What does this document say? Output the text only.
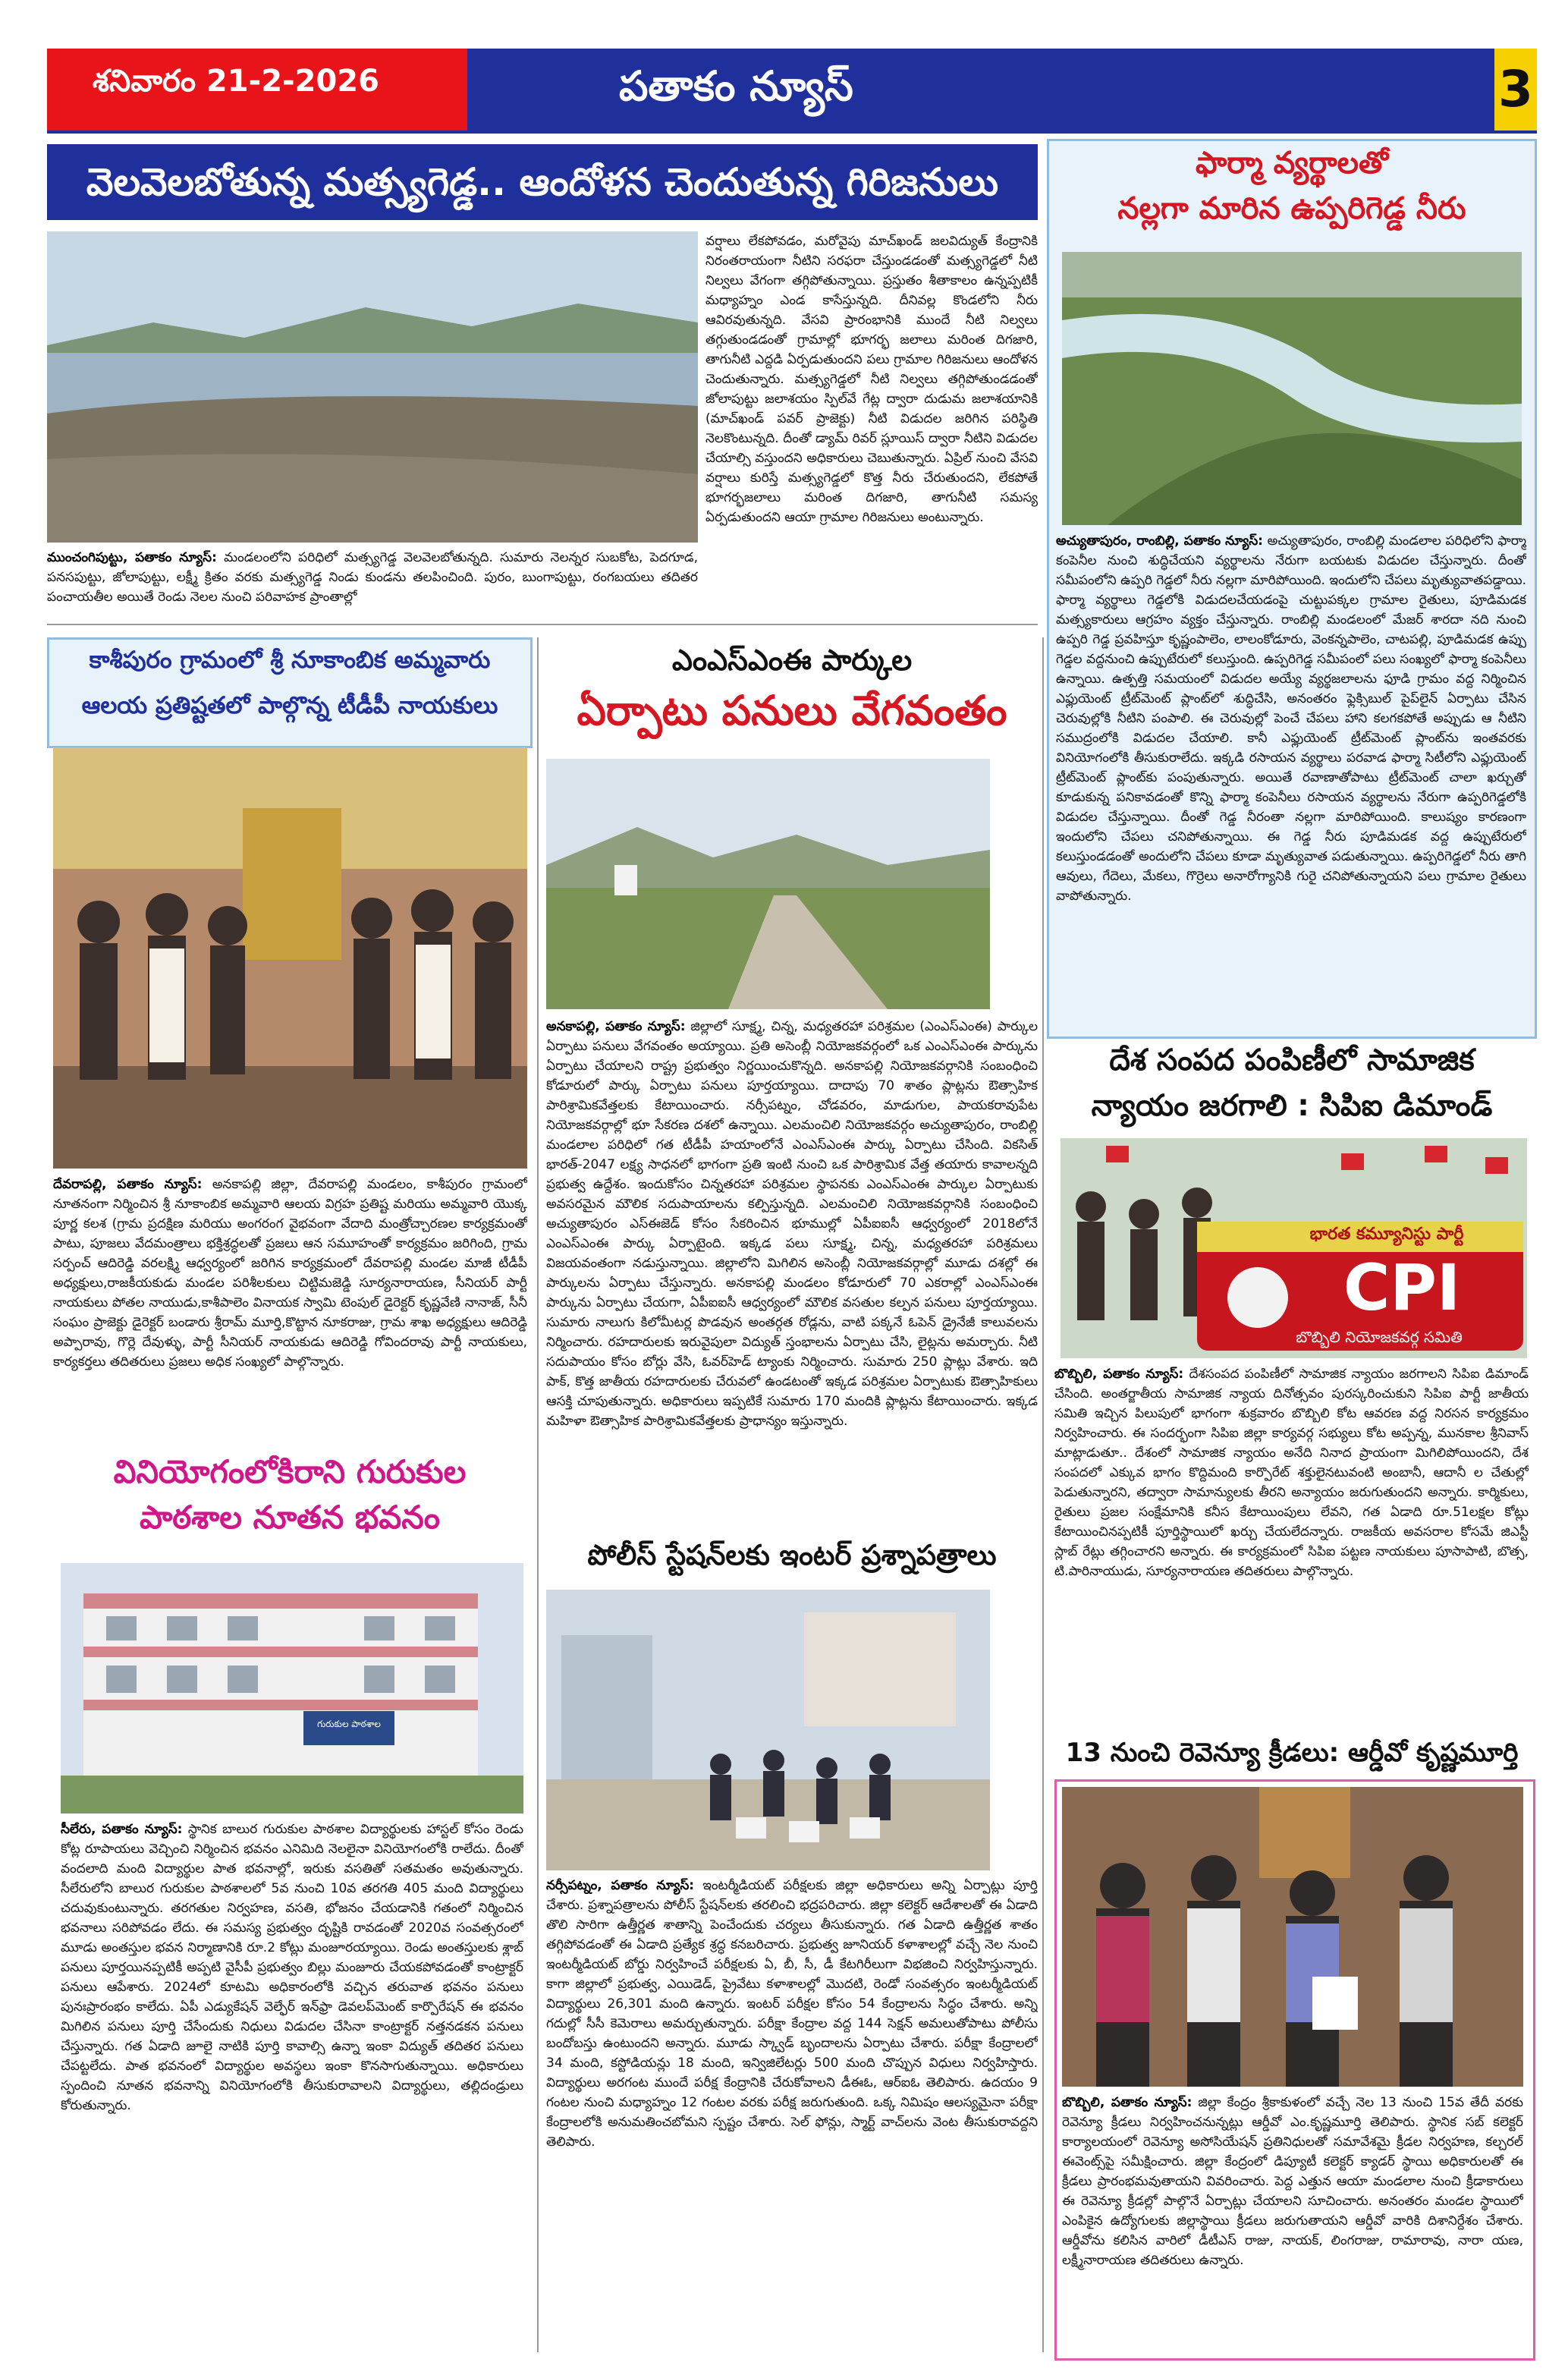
శనివారం 21-2-2026	పతాకం న్యూస్	3
వెలవెలబోతున్న మత్స్యగెడ్డ.. ఆందోళన చెందుతున్న గిరిజనులు
ముంచంగిపుట్టు, పతాకం న్యూస్: మండలంలోని పరిధిలో మత్స్యగెడ్డ వెలవెలబోతున్నది. సుమారు నెలన్నర సుబకోట, పెదగూడ, పనసపుట్టు, జోలాపుట్టు, లక్ష్మీ క్రితం వరకు మత్స్యగెడ్డ నిండు కుండను తలపించింది. పురం, బుంగాపుట్టు, రంగబయలు తదితర పంచాయతీల అయితే రెండు నెలల నుంచి పరివాహక ప్రాంతాల్లో
వర్షాలు లేకపోవడం, మరోవైపు మాచ్‌ఖండ్ జలవిద్యుత్ కేంద్రానికి నిరంతరాయంగా నీటిని సరఫరా చేస్తుండడంతో మత్స్యగెడ్డలో నీటి నిల్వలు వేగంగా తగ్గిపోతున్నాయి. ప్రస్తుతం శీతాకాలం ఉన్నప్పటికీ మధ్యాహ్నం ఎండ కాసేస్తున్నది. దీనివల్ల కొండలోని నీరు ఆవిరవుతున్నది. వేసవి ప్రారంభానికి ముందే నీటి నిల్వలు తగ్గుతుండడంతో గ్రామాల్లో భూగర్భ జలాలు మరింత దిగజారి, తాగునీటి ఎద్దడి ఏర్పడుతుందని పలు గ్రామాల గిరిజనులు ఆందోళన చెందుతున్నారు. మత్స్యగెడ్డలో నీటి నిల్వలు తగ్గిపోతుండడంతో జోలాపుట్టు జలాశయం స్పిల్‌వే గేట్ల ద్వారా దుడుమ జలాశయానికి (మాచ్‌ఖండ్ పవర్ ప్రాజెక్టు) నీటి విడుదల జరిగిన పరిస్థితి నెలకొంటున్నది. దీంతో డ్యామ్ రివర్ స్లూయిస్ ద్వారా నీటిని విడుదల చేయాల్సి వస్తుందని అధికారులు చెబుతున్నారు. ఏప్రిల్ నుంచి వేసవి వర్షాలు కురిస్తే మత్స్యగెడ్డలో కొత్త నీరు చేరుతుందని, లేకపోతే భూగర్భజలాలు మరింత దిగజారి, తాగునీటి సమస్య ఏర్పడుతుందని ఆయా గ్రామాల గిరిజనులు అంటున్నారు.
ఫార్మా వ్యర్థాలతో
నల్లగా మారిన ఉప్పరిగెడ్డ నీరు
అచ్యుతాపురం, రాంబిల్లి, పతాకం న్యూస్: అచ్యుతాపురం, రాంబిల్లి మండలాల పరిధిలోని ఫార్మా కంపెనీల నుంచి శుద్ధిచేయని వ్యర్థాలను నేరుగా బయటకు విడుదల చేస్తున్నారు. దీంతో సమీపంలోని ఉప్పరి గెడ్డలో నీరు నల్లగా మారిపోయింది. ఇందులోని చేపలు మృత్యువాతపడ్డాయి. ఫార్మా వ్యర్థాలు గెడ్డలోకి విడుదలచేయడంపై చుట్టుపక్కల గ్రామాల రైతులు, పూడిమడక మత్స్యకారులు ఆగ్రహం వ్యక్తం చేస్తున్నారు. రాంబిల్లి మండలంలో మేజర్ శారదా నది నుంచి ఉప్పరి గెడ్డ ప్రవహిస్తూ కృష్ణంపాలెం, లాలంకోడూరు, వెంకన్నపాలెం, చాటపల్లి, పూడిమడక ఉప్పు గెడ్డల వద్దనుంచి ఉప్పుటేరులో కలుస్తుంది. ఉప్పరిగెడ్డ సమీపంలో పలు సంఖ్యలో ఫార్మా కంపెనీలు ఉన్నాయి. ఉత్పత్తి సమయంలో విడుదల అయ్యే వ్యర్థజలాలను ఫూడి గ్రామం వద్ద నిర్మించిన ఎఫ్లుయెంట్ ట్రీట్‌మెంట్ ప్లాంట్‌లో శుద్ధిచేసి, అనంతరం ఫ్లెక్సిబుల్ పైప్‌లైన్ ఏర్పాటు చేసిన చెరువుల్లోకి నీటిని పంపాలి. ఈ చెరువుల్లో పెంచే చేపలు హాని కలగకపోతే అప్పుడు ఆ నీటిని సముద్రంలోకి విడుదల చేయాలి. కానీ ఎఫ్లుయెంట్ ట్రీట్‌మెంట్ ప్లాంట్‌ను ఇంతవరకు వినియోగంలోకి తీసుకురాలేదు. ఇక్కడి రసాయన వ్యర్థాలు పరవాడ ఫార్మా సిటీలోని ఎఫ్లుయెంట్ ట్రీట్‌మెంట్ ప్లాంట్‌కు పంపుతున్నారు. అయితే రవాణాతోపాటు ట్రీట్‌మెంట్ చాలా ఖర్చుతో కూడుకున్న పనికావడంతో కొన్ని ఫార్మా కంపెనీలు రసాయన వ్యర్థాలను నేరుగా ఉప్పరిగెడ్డలోకి విడుదల చేస్తున్నాయి. దీంతో గెడ్డ నీరంతా నల్లగా మారిపోయింది. కాలుష్యం కారణంగా ఇందులోని చేపలు చనిపోతున్నాయి. ఈ గెడ్డ నీరు పూడిమడక వద్ద ఉప్పుటేరులో కలుస్తుండడంతో అందులోని చేపలు కూడా మృత్యువాత పడుతున్నాయి. ఉప్పరిగెడ్డలో నీరు తాగి ఆవులు, గేదెలు, మేకలు, గొర్రెలు అనారోగ్యానికి గురై చనిపోతున్నాయని పలు గ్రామాల రైతులు వాపోతున్నారు.
కాశీపురం గ్రామంలో శ్రీ నూకాంబిక అమ్మవారు
ఆలయ ప్రతిష్టతలో పాల్గొన్న టీడీపీ నాయకులు
దేవరాపల్లి, పతాకం న్యూస్: అనకాపల్లి జిల్లా, దేవరాపల్లి మండలం, కాశీపురం గ్రామంలో నూతనంగా నిర్మించిన శ్రీ నూకాంబిక అమ్మవారి ఆలయ విగ్రహ ప్రతిష్ట మరియు అమ్మవారి యొక్క పూర్ణ కలశ (గ్రామ ప్రదక్షిణ మరియు అంగరంగ వైభవంగా వేదాది మంత్రోచ్చారణల కార్యక్రమంతో పాటు, పూజలు వేదమంత్రాలు భక్తిశ్రద్ధలతో ప్రజలు ఆన సమూహంతో కార్యక్రమం జరిగింది, గ్రామ సర్పంచ్ ఆదిరెడ్డి వరలక్ష్మి ఆధ్వర్యంలో జరిగిన కార్యక్రమంలో దేవరాపల్లి మండల మాజీ టీడీపీ అధ్యక్షులు,రాజకీయకుడు మండల పరిశీలకులు చిట్టిమజెడ్డి సూర్యనారాయణ, సీనియర్ పార్టీ నాయకులు పోతల నాయుడు,కాశీపాలెం వినాయక స్వామి టెంపుల్ డైరెక్టర్ కృష్ణవేణి నానాజ్, సీనీ సంఘం ప్రాజెక్టు డైరెక్టర్ బండారు శ్రీరామ్ మూర్తి,కొట్టాన నూకరాజు, గ్రామ శాఖ అధ్యక్షులు ఆదిరెడ్డి అప్పారావు, గొర్లె దేవుళ్ళు, పార్టీ సీనియర్ నాయకుడు ఆదిరెడ్డి గోవిందరావు పార్టీ నాయకులు, కార్యకర్తలు తదితరులు ప్రజలు అధిక సంఖ్యలో పాల్గొన్నారు.
వినియోగంలోకిరాని గురుకుల
పాఠశాల నూతన భవనం
గురుకుల పాఠశాల
సీలేరు, పతాకం న్యూస్: స్థానిక బాలుర గురుకుల పాఠశాల విద్యార్థులకు హాస్టల్ కోసం రెండు కోట్ల రూపాయలు వెచ్చించి నిర్మించిన భవనం ఎనిమిది నెలలైనా వినియోగంలోకి రాలేదు. దీంతో వందలాది మంది విద్యార్థుల పాత భవనాల్లో, ఇరుకు వసతితో సతమతం అవుతున్నారు. సీలేరులోని బాలుర గురుకుల పాఠశాలలో 5వ నుంచి 10వ తరగతి 405 మంది విద్యార్థులు చదువుకుంటున్నారు. తరగతుల నిర్వహణ, వసతి, భోజనం చేయడానికి గతంలో నిర్మించిన భవనాలు సరిపోవడం లేదు. ఈ సమస్య ప్రభుత్వం దృష్టికి రావడంతో 2020వ సంవత్సరంలో మూడు అంతస్తుల భవన నిర్మాణానికి రూ.2 కోట్లు మంజూరయ్యాయి. రెండు అంతస్తులకు శ్లాబ్ పనులు పూర్తయినప్పటికీ అప్పటి వైసీపీ ప్రభుత్వం బిల్లు మంజూరు చేయకపోవడంతో కాంట్రాక్టర్ పనులు ఆపేశారు. 2024లో కూటమి అధికారంలోకి వచ్చిన తరువాత భవనం పనులు పునఃప్రారంభం కాలేదు. ఏపీ ఎడ్యుకేషన్ వెల్ఫేర్ ఇన్‌ఫ్రా డెవలప్‌మెంట్ కార్పొరేషన్ ఈ భవనం మిగిలిన పనులు పూర్తి చేసేందుకు నిధులు విడుదల చేసినా కాంట్రాక్టర్ నత్తనడకన పనులు చేస్తున్నారు. గత ఏడాది జూలై నాటికి పూర్తి కావాల్సి ఉన్నా ఇంకా విద్యుత్ తదితర పనులు చేపట్టలేదు. పాత భవనంలో విద్యార్థుల అవస్థలు ఇంకా కొనసాగుతున్నాయి. అధికారులు స్పందించి నూతన భవనాన్ని వినియోగంలోకి తీసుకురావాలని విద్యార్థులు, తల్లిదండ్రులు కోరుతున్నారు.
ఎంఎస్ఎంఈ పార్కుల
ఏర్పాటు పనులు వేగవంతం
అనకాపల్లి, పతాకం న్యూస్: జిల్లాలో సూక్ష్మ, చిన్న, మధ్యతరహా పరిశ్రమల (ఎంఎస్ఎంఈ) పార్కుల ఏర్పాటు పనులు వేగవంతం అయ్యాయి. ప్రతి అసెంబ్లీ నియోజకవర్గంలో ఒక ఎంఎస్ఎంఈ పార్కును ఏర్పాటు చేయాలని రాష్ట్ర ప్రభుత్వం నిర్ణయించుకొన్నది. అనకాపల్లి నియోజకవర్గానికి సంబంధించి కోడూరులో పార్కు ఏర్పాటు పనులు పూర్తయ్యాయి. దాదాపు 70 శాతం ప్లాట్లను ఔత్సాహిక పారిశ్రామికవేత్తలకు కేటాయించారు. నర్సీపట్నం, చోడవరం, మాడుగుల, పాయకరావుపేట నియోజకవర్గాల్లో భూ సేకరణ దశలో ఉన్నాయి. ఎలమంచిలి నియోజకవర్గం అచ్యుతాపురం, రాంబిల్లి మండలాల పరిధిలో గత టీడీపీ హయాంలోనే ఎంఎస్ఎంఈ పార్కు ఏర్పాటు చేసింది. వికసిత్ భారత్-2047 లక్ష్య సాధనలో భాగంగా ప్రతి ఇంటి నుంచి ఒక పారిశ్రామిక వేత్త తయారు కావాలన్నది ప్రభుత్వ ఉద్దేశం. ఇందుకోసం చిన్నతరహా పరిశ్రమల స్థాపనకు ఎంఎస్ఎంఈ పార్కుల ఏర్పాటుకు అవసరమైన మౌలిక సదుపాయాలను కల్పిస్తున్నది. ఎలమంచిలి నియోజకవర్గానికి సంబంధించి అచ్యుతాపురం ఎస్ఈజెడ్ కోసం సేకరించిన భూముల్లో ఏపీఐఐసీ ఆధ్వర్యంలో 2018లోనే ఎంఎస్ఎంఈ పార్కు ఏర్పాటైంది. ఇక్కడ పలు సూక్ష్మ, చిన్న, మధ్యతరహా పరిశ్రమలు విజయవంతంగా నడుస్తున్నాయి. జిల్లాలోని మిగిలిన అసెంబ్లీ నియోజకవర్గాల్లో మూడు దశల్లో ఈ పార్కులను ఏర్పాటు చేస్తున్నారు. అనకాపల్లి మండలం కోడూరులో 70 ఎకరాల్లో ఎంఎస్ఎంఈ పార్కును ఏర్పాటు చేయగా, ఏపీఐఐసీ ఆధ్వర్యంలో మౌలిక వసతుల కల్పన పనులు పూర్తయ్యాయి. సుమారు నాలుగు కిలోమీటర్ల పొడవున అంతర్గత రోడ్లను, వాటి పక్కనే ఓపెన్ డ్రైనేజీ కాలువలను నిర్మించారు. రహదారులకు ఇరువైపులా విద్యుత్ స్తంభాలను ఏర్పాటు చేసి, లైట్లను అమర్చారు. నీటి సదుపాయం కోసం బోర్లు వేసి, ఓవర్‌హెడ్ ట్యాంకు నిర్మించారు. సుమారు 250 ప్లాట్లు వేశారు. ఇది పాక్, కొత్త జాతీయ రహదారులకు చేరువలో ఉండటంతో ఇక్కడ పరిశ్రమల ఏర్పాటుకు ఔత్సాహికులు ఆసక్తి చూపుతున్నారు. అధికారులు ఇప్పటికే సుమారు 170 మందికి ప్లాట్లను కేటాయించారు. ఇక్కడ మహిళా ఔత్సాహిక పారిశ్రామికవేత్తలకు ప్రాధాన్యం ఇస్తున్నారు.
పోలీస్ స్టేషన్‌లకు ఇంటర్ ప్రశ్నాపత్రాలు
నర్సీపట్నం, పతాకం న్యూస్: ఇంటర్మీడియట్ పరీక్షలకు జిల్లా అధికారులు అన్ని ఏర్పాట్లు పూర్తి చేశారు. ప్రశ్నాపత్రాలను పోలీస్ స్టేషన్‌లకు తరలించి భద్రపరిచారు. జిల్లా కలెక్టర్ ఆదేశాలతో ఈ ఏడాది తొలి సారిగా ఉత్తీర్ణత శాతాన్ని పెంచేందుకు చర్యలు తీసుకున్నారు. గత ఏడాది ఉత్తీర్ణత శాతం తగ్గిపోవడంతో ఈ ఏడాది ప్రత్యేక శ్రద్ధ కనబరిచారు. ప్రభుత్వ జూనియర్ కళాశాలల్లో వచ్చే నెల నుంచి ఇంటర్మీడియట్ బోర్డు నిర్వహించే పరీక్షలకు ఏ, బీ, సీ, డీ కేటగిరీలుగా విభజించి నిర్వహిస్తున్నారు. కాగా జిల్లాలో ప్రభుత్వ, ఎయిడెడ్, ప్రైవేటు కళాశాలల్లో మొదటి, రెండో సంవత్సరం ఇంటర్మీడియట్ విద్యార్థులు 26,301 మంది ఉన్నారు. ఇంటర్ పరీక్షల కోసం 54 కేంద్రాలను సిద్ధం చేశారు. అన్ని గదుల్లో సీసీ కెమెరాలు అమర్చుతున్నారు. పరీక్షా కేంద్రాల వద్ద 144 సెక్షన్ అమలుతోపాటు పోలీసు బందోబస్తు ఉంటుందని అన్నారు. మూడు స్క్వాడ్ బృందాలను ఏర్పాటు చేశారు. పరీక్షా కేంద్రాలలో 34 మంది, కస్టోడియన్లు 18 మంది, ఇన్విజిలేటర్లు 500 మంది చొప్పున విధులు నిర్వహిస్తారు. విద్యార్థులు అరగంట ముందే పరీక్ష కేంద్రానికి చేరుకోవాలని డీఈఓ, ఆర్ఐఓ తెలిపారు. ఉదయం 9 గంటల నుంచి మధ్యాహ్నం 12 గంటల వరకు పరీక్ష జరుగుతుంది. ఒక్క నిమిషం ఆలస్యమైనా పరీక్షా కేంద్రాలలోకి అనుమతించబోమని స్పష్టం చేశారు. సెల్ ఫోన్లు, స్మార్ట్ వాచ్‌లను వెంట తీసుకురావద్దని తెలిపారు.
దేశ సంపద పంపిణీలో సామాజిక
న్యాయం జరగాలి : సిపిఐ డిమాండ్
భారత కమ్యూనిస్టు పార్టీ
CPI
బొబ్బిలి నియోజకవర్గ సమితి
బొబ్బిలి, పతాకం న్యూస్: దేశసంపద పంపిణీలో సామాజిక న్యాయం జరగాలని సిపిఐ డిమాండ్ చేసింది. అంతర్జాతీయ సామాజిక న్యాయ దినోత్సవం పురస్కరించుకుని సిపిఐ పార్టీ జాతీయ సమితి ఇచ్చిన పిలుపులో భాగంగా శుక్రవారం బొబ్బిలి కోట ఆవరణ వద్ద నిరసన కార్యక్రమం నిర్వహించారు. ఈ సందర్భంగా సిపిఐ జిల్లా కార్యవర్గ సభ్యులు కోట అప్పన్న, మునకాల శ్రీనివాస్ మాట్లాడుతూ.. దేశంలో సామాజిక న్యాయం అనేది నినాద ప్రాయంగా మిగిలిపోయిందని, దేశ సంపదలో ఎక్కువ భాగం కొద్దిమంది కార్పొరేట్ శక్తులైనటువంటి అంబానీ, ఆదానీ ల చేతుల్లో పెడుతున్నారని, తద్వారా సామాన్యులకు తీరని అన్యాయం జరుగుతుందని అన్నారు. కార్మికులు, రైతులు ప్రజల సంక్షేమానికి కనీస కేటాయింపులు లేవని, గత ఏడాది రూ.51లక్షల కోట్లు కేటాయించినప్పటికీ పూర్తిస్థాయిలో ఖర్చు చేయలేదన్నారు. రాజకీయ అవసరాల కోసమే జిఎస్టీ స్లాబ్ రేట్లు తగ్గించారని అన్నారు. ఈ కార్యక్రమంలో సిపిఐ పట్టణ నాయకులు పూసాపాటి, బొత్స, టి.పారినాయుడు, సూర్యనారాయణ తదితరులు పాల్గొన్నారు.
13 నుంచి రెవెన్యూ క్రీడలు: ఆర్డీవో కృష్ణమూర్తి
బొబ్బిలి, పతాకం న్యూస్: జిల్లా కేంద్రం శ్రీకాకుళంలో వచ్చే నెల 13 నుంచి 15వ తేదీ వరకు రెవెన్యూ క్రీడలు నిర్వహించనున్నట్లు ఆర్డీవో ఎం.కృష్ణమూర్తి తెలిపారు. స్థానిక సబ్ కలెక్టర్ కార్యాలయంలో రెవెన్యూ అసోసియేషన్ ప్రతినిధులతో సమావేశమై క్రీడల నిర్వహణ, కల్చరల్ ఈవెంట్స్‌పై సమీక్షించారు. జిల్లా కేంద్రంలో డిప్యూటీ కలెక్టర్ క్యాడర్ స్థాయి అధికారులతో ఈ క్రీడలు ప్రారంభమవుతాయని వివరించారు. పెద్ద ఎత్తున ఆయా మండలాల నుంచి క్రీడాకారులు ఈ రెవెన్యూ క్రీడల్లో పాల్గొనే ఏర్పాట్లు చేయాలని సూచించారు. అనంతరం మండల స్థాయిలో ఎంపికైన ఉద్యోగులకు జిల్లాస్థాయి క్రీడలు జరుగుతాయని ఆర్డీవో వారికి దిశానిర్దేశం చేశారు. ఆర్డీవోను కలిసిన వారిలో డీటీఎస్ రాజు, నాయక్, లింగరాజు, రామారావు, నారా యణ, లక్ష్మీనారాయణ తదితరులు ఉన్నారు.
